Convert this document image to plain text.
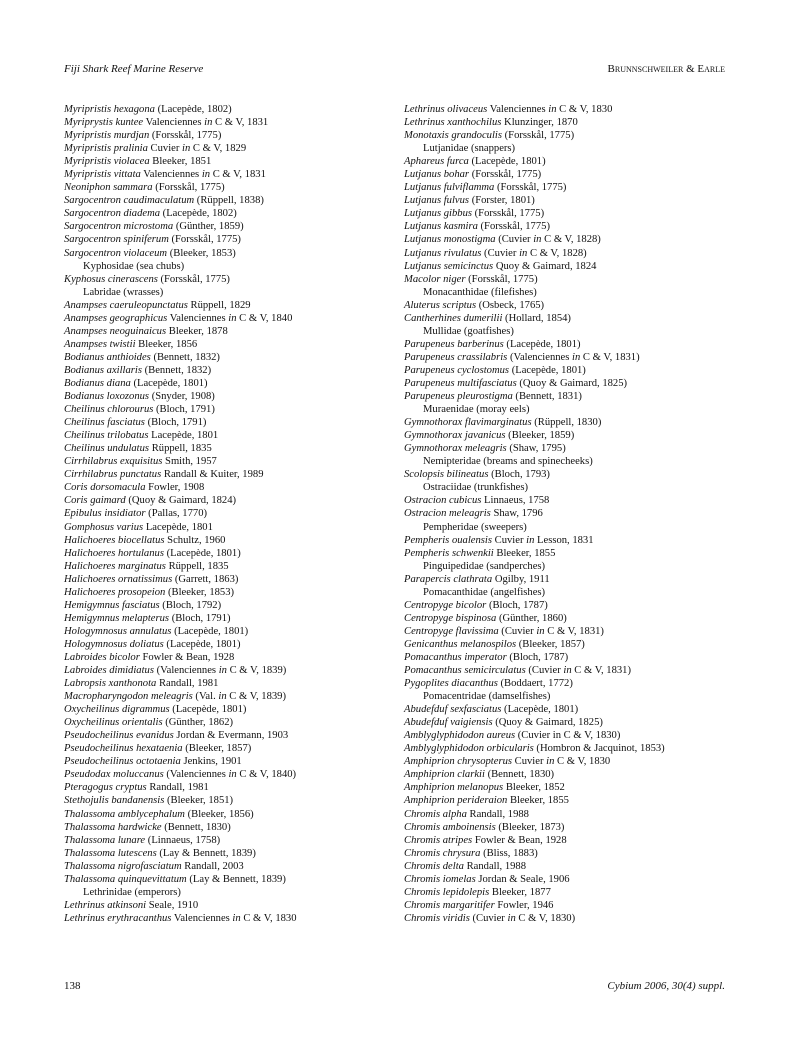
Fiji Shark Reef Marine Reserve	Brunnschweiler & Earle
Myripristis hexagona (Lacepède, 1802)
Myriprystis kuntee Valenciennes in C & V, 1831
Myripristis murdjan (Forsskål, 1775)
Myripristis pralinia Cuvier in C & V, 1829
Myripristis violacea Bleeker, 1851
Myripristis vittata Valenciennes in C & V, 1831
Neoniphon sammara (Forsskål, 1775)
Sargocentron caudimaculatum (Rüppell, 1838)
Sargocentron diadema (Lacepède, 1802)
Sargocentron microstoma (Günther, 1859)
Sargocentron spiniferum (Forsskål, 1775)
Sargocentron violaceum (Bleeker, 1853)
Kyphosidae (sea chubs)
Kyphosus cinerascens (Forsskål, 1775)
Labridae (wrasses)
Anampses caeruleopunctatus Rüppell, 1829
Anampses geographicus Valenciennes in C & V, 1840
Anampses neoguinaicus Bleeker, 1878
Anampses twistii Bleeker, 1856
Bodianus anthioides (Bennett, 1832)
Bodianus axillaris (Bennett, 1832)
Bodianus diana (Lacepède, 1801)
Bodianus loxozonus (Snyder, 1908)
Cheilinus chlorourus (Bloch, 1791)
Cheilinus fasciatus (Bloch, 1791)
Cheilinus trilobatus Lacepède, 1801
Cheilinus undulatus Rüppell, 1835
Cirrhilabrus exquisitus Smith, 1957
Cirrhilabrus punctatus Randall & Kuiter, 1989
Coris dorsomacula Fowler, 1908
Coris gaimard (Quoy & Gaimard, 1824)
Epibulus insidiator (Pallas, 1770)
Gomphosus varius Lacepède, 1801
Halichoeres biocellatus Schultz, 1960
Halichoeres hortulanus (Lacepède, 1801)
Halichoeres marginatus Rüppell, 1835
Halichoeres ornatissimus (Garrett, 1863)
Halichoeres prosopeion (Bleeker, 1853)
Hemigymnus fasciatus (Bloch, 1792)
Hemigymnus melapterus (Bloch, 1791)
Hologymnosus annulatus (Lacepède, 1801)
Hologymnosus doliatus (Lacepède, 1801)
Labroides bicolor Fowler & Bean, 1928
Labroides dimidiatus (Valenciennes in C & V, 1839)
Labropsis xanthonota Randall, 1981
Macropharyngodon meleagris (Val. in C & V, 1839)
Oxycheilinus digrammus (Lacepède, 1801)
Oxycheilinus orientalis (Günther, 1862)
Pseudocheilinus evanidus Jordan & Evermann, 1903
Pseudocheilinus hexataenia (Bleeker, 1857)
Pseudocheilinus octotaenia Jenkins, 1901
Pseudodax moluccanus (Valenciennes in C & V, 1840)
Pteragogus cryptus Randall, 1981
Stethojulis bandanensis (Bleeker, 1851)
Thalassoma amblycephalum (Bleeker, 1856)
Thalassoma hardwicke (Bennett, 1830)
Thalassoma lunare (Linnaeus, 1758)
Thalassoma lutescens (Lay & Bennett, 1839)
Thalassoma nigrofasciatum Randall, 2003
Thalassoma quinquevittatum (Lay & Bennett, 1839)
Lethrinidae (emperors)
Lethrinus atkinsoni Seale, 1910
Lethrinus erythracanthus Valenciennes in C & V, 1830
Lethrinus olivaceus Valenciennes in C & V, 1830
Lethrinus xanthochilus Klunzinger, 1870
Monotaxis grandoculis (Forsskål, 1775)
Lutjanidae (snappers)
Aphareus furca (Lacepède, 1801)
Lutjanus bohar (Forsskål, 1775)
Lutjanus fulviflamma (Forsskål, 1775)
Lutjanus fulvus (Forster, 1801)
Lutjanus gibbus (Forsskål, 1775)
Lutjanus kasmira (Forsskål, 1775)
Lutjanus monostigma (Cuvier in C & V, 1828)
Lutjanus rivulatus (Cuvier in C & V, 1828)
Lutjanus semicinctus Quoy & Gaimard, 1824
Macolor niger (Forsskål, 1775)
Monacanthidae (filefishes)
Aluterus scriptus (Osbeck, 1765)
Cantherhines dumerilii (Hollard, 1854)
Mullidae (goatfishes)
Parupeneus barberinus (Lacepède, 1801)
Parupeneus crassilabris (Valenciennes in C & V, 1831)
Parupeneus cyclostomus (Lacepède, 1801)
Parupeneus multifasciatus (Quoy & Gaimard, 1825)
Parupeneus pleurostigma (Bennett, 1831)
Muraenidae (moray eels)
Gymnothorax flavimarginatus (Rüppell, 1830)
Gymnothorax javanicus (Bleeker, 1859)
Gymnothorax meleagris (Shaw, 1795)
Nemipteridae (breams and spinecheeks)
Scolopsis bilineatus (Bloch, 1793)
Ostraciidae (trunkfishes)
Ostracion cubicus Linnaeus, 1758
Ostracion meleagris Shaw, 1796
Pempheridae (sweepers)
Pempheris oualensis Cuvier in Lesson, 1831
Pempheris schwenkii Bleeker, 1855
Pinguipedidae (sandperches)
Parapercis clathrata Ogilby, 1911
Pomacanthidae (angelfishes)
Centropyge bicolor (Bloch, 1787)
Centropyge bispinosa (Günther, 1860)
Centropyge flavissima (Cuvier in C & V, 1831)
Genicanthus melanospilos (Bleeker, 1857)
Pomacanthus imperator (Bloch, 1787)
Pomacanthus semicirculatus (Cuvier in C & V, 1831)
Pygoplites diacanthus (Boddaert, 1772)
Pomacentridae (damselfishes)
Abudefduf sexfasciatus (Lacepède, 1801)
Abudefduf vaigiensis (Quoy & Gaimard, 1825)
Amblyglyphidodon aureus (Cuvier in C & V, 1830)
Amblyglyphidodon orbicularis (Hombron & Jacquinot, 1853)
Amphiprion chrysopterus Cuvier in C & V, 1830
Amphiprion clarkii (Bennett, 1830)
Amphiprion melanopus Bleeker, 1852
Amphiprion perideraion Bleeker, 1855
Chromis alpha Randall, 1988
Chromis amboinensis (Bleeker, 1873)
Chromis atripes Fowler & Bean, 1928
Chromis chrysura (Bliss, 1883)
Chromis delta Randall, 1988
Chromis iomelas Jordan & Seale, 1906
Chromis lepidolepis Bleeker, 1877
Chromis margaritifer Fowler, 1946
Chromis viridis (Cuvier in C & V, 1830)
138	Cybium 2006, 30(4) suppl.
